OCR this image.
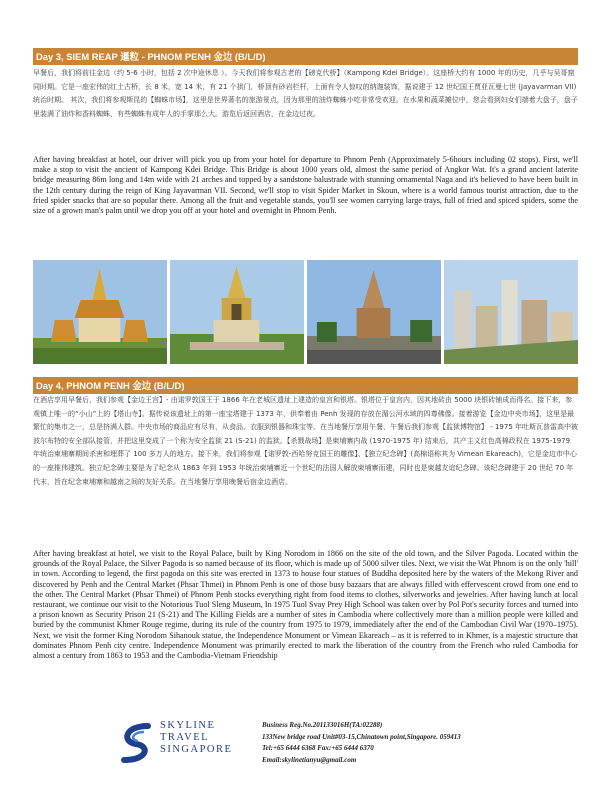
Day 3, SIEM REAP 暹粒 - PHNOM PENH 金边 (B/L/D)
早餐后，我们将前往金边（约 5-6 小时，包括 2 次中途休息 ）。今天我们将参观古老的【磅克代桥】（Kampong Kdei Bridge）。这座桥大约有 1000 年的历史，几乎与吴哥窟同时期。它是一座宏伟的红土古桥，长 8 米，宽 14 米，有 21 个拱门，桥顶有砂岩栏杆，上面有令人惊叹的纳迦装饰，据说建于 12 世纪国王贾亚瓦曼七世 (Jayavarman VII) 统治时期。 其次，我们将参观斯昆的【蜘蛛市场】，这里是世界著名的旅游景点，因为那里的油炸蜘蛛小吃非常受欢迎。在水果和蔬菜摊位中，您会看到妇女们端着大盘子，盘子里装满了油炸和香料蜘蛛，有些蜘蛛有成年人的手掌那么大。游览后返回酒店，在金边过夜。
After having breakfast at hotel, our driver will pick you up from your hotel for departure to Phnom Penh (Approximately 5-6hours including 02 stops). First, we'll make a stop to visit the ancient of Kampong Kdei Bridge. This Bridge is about 1000 years old, almost the same period of Angkor Wat. It's a grand ancient laterite bridge measuring 86m long and 14m wide with 21 arches and topped by a sandstone balustrade with stunning ornamental Naga and it's believed to have been built in the 12th century during the reign of King Jayavarman VII. Second, we'll stop to visit Spider Market in Skoun, where is a world famous tourist attraction, due to the fried spider snacks that are so popular there. Among all the fruit and vegetable stands, you'll see women carrying large trays, full of fried and spiced spiders, some the size of a grown man's palm until we drop you off at your hotel and overnight in Phnom Penh.
Day 4, PHNOM PENH 金边 (B/L/D)
在酒店享用早餐后，我们参观【金边王宫】- 由诺罗敦国王于 1866 年在老城区遗址上建造的皇宫和银塔。银塔位于皇宫内，因其地砖由 5000 块银砖铺成而得名。接下来，参观镇上唯一的“小山”上的【塔山寺】。据传说该遗址上的第一座宝塔建于 1373 年，供奉着由 Penh 发现的存放在湄公河水域的四尊佛像。接着游览【金边中央市场】，这里是最繁忙的集市之一，总是挤满人群。中央市场的商品应有尽有，从食品、衣服到银器和珠宝等。在当地餐厅享用午餐，午餐后我们参观【监狱博物馆】 - 1975 年吐斯瓦普雷高中被波尔布特的安全部队接管，并把这里变成了一个称为安全监狱 21 (S-21) 的监狱。【杀戮战场】是柬埔寨内战 (1970-1975 年) 结束后，共产主义红色高棉政权在 1975-1979 年统治柬埔寨期间杀害和埋葬了 100 多万人的地方。接下来，我们将参观【诺罗敦-西哈努克国王的雕像】、【独立纪念碑】(高棉语称其为 Vimean Ekareach)，它是金边市中心的一座推伟建筑。独立纪念碑主要是为了纪念从 1863 年到 1953 年统治柬埔寨近一个世纪的法国人解放柬埔寨而建，同时也是柬越友谊纪念碑。该纪念碑建于 20 世纪 70 年代末，旨在纪念柬埔寨和越南之间的友好关系。在当地餐厅享用晚餐后宿金边酒店。
After having breakfast at hotel, we visit to the Royal Palace, built by King Norodom in 1866 on the site of the old town, and the Silver Pagoda. Located within the grounds of the Royal Palace, the Silver Pagoda is so named because of its floor, which is made up of 5000 silver tiles. Next, we visit the Wat Phnom is on the only 'hill' in town. According to legend, the first pagoda on this site was erected in 1373 to house four statues of Buddha deposited here by the waters of the Mekong River and discovered by Penh and the Central Market (Phsar Thmei) in Phnom Penh is one of those busy bazaars that are always filled with effervescent crowd from one end to the other. The Central Market (Phsar Thmei) of Phnom Penh stocks everything right from food items to clothes, silverworks and jewelries. After having lunch at local restaurant, we continue our visit to the Notorious Tuol Sleng Museum, In 1975 Tuol Svay Prey High School was taken over by Pol Pot's security forces and turned into a prison known as Security Prison 21 (S-21) and The Killing Fields are a number of sites in Cambodia where collectively more than a million people were killed and buried by the communist Khmer Rouge regime, during its rule of the country from 1975 to 1979, immediately after the end of the Cambodian Civil War (1970–1975). Next, we visit the former King Norodom Sihanouk statue, the Independence Monument or Vimean Ekareach – as it is referred to in Khmer, is a majestic structure that dominates Phnom Penh city centre. Independence Monument was primarily erected to mark the liberation of the country from the French who ruled Cambodia for almost a century from 1863 to 1953 and the Cambodia-Vietnam Friendship
SKYLINE
TRAVEL
SINGAPORE
Business Reg.No.201133016H(TA:02288)
133New bridge road Unit#03-15,Chinatown point,Singapore. 059413
Tel:+65 6444 6368 Fax:+65 6444 6370
Email:skylinetianyu@gmail.com
